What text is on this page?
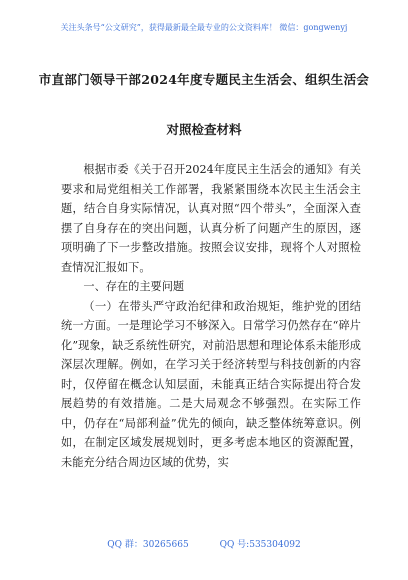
关注头条号“公文研究”，获得最新最全最专业的公文资料库！ 微信：gongwenyj
市直部门领导干部2024年度专题民主生活会、组织生活会
对照检查材料

根据市委《关于召开2024年度民主生活会的通知》有关要求和局党组相关工作部署，我紧紧围绕本次民主生活会主题，结合自身实际情况，认真对照“四个带头”，全面深入查摆了自身存在的突出问题，认真分析了问题产生的原因，逐项明确了下一步整改措施。按照会议安排，现将个人对照检查情况汇报如下。

一、存在的主要问题

（一）在带头严守政治纪律和政治规矩，维护党的团结统一方面。一是理论学习不够深入。日常学习仍然存在“碎片化”现象，缺乏系统性研究，对前沿思想和理论体系未能形成深层次理解。例如，在学习关于经济转型与科技创新的内容时，仅停留在概念认知层面，未能真正结合实际提出符合发展趋势的有效措施。二是大局观念不够强烈。在实际工作中，仍存在“局部利益”优先的倾向，缺乏整体统筹意识。例如，在制定区域发展规划时，更多考虑本地区的资源配置，未能充分结合周边区域的优势，实

QQ 群：30265665	QQ 号:535304092
